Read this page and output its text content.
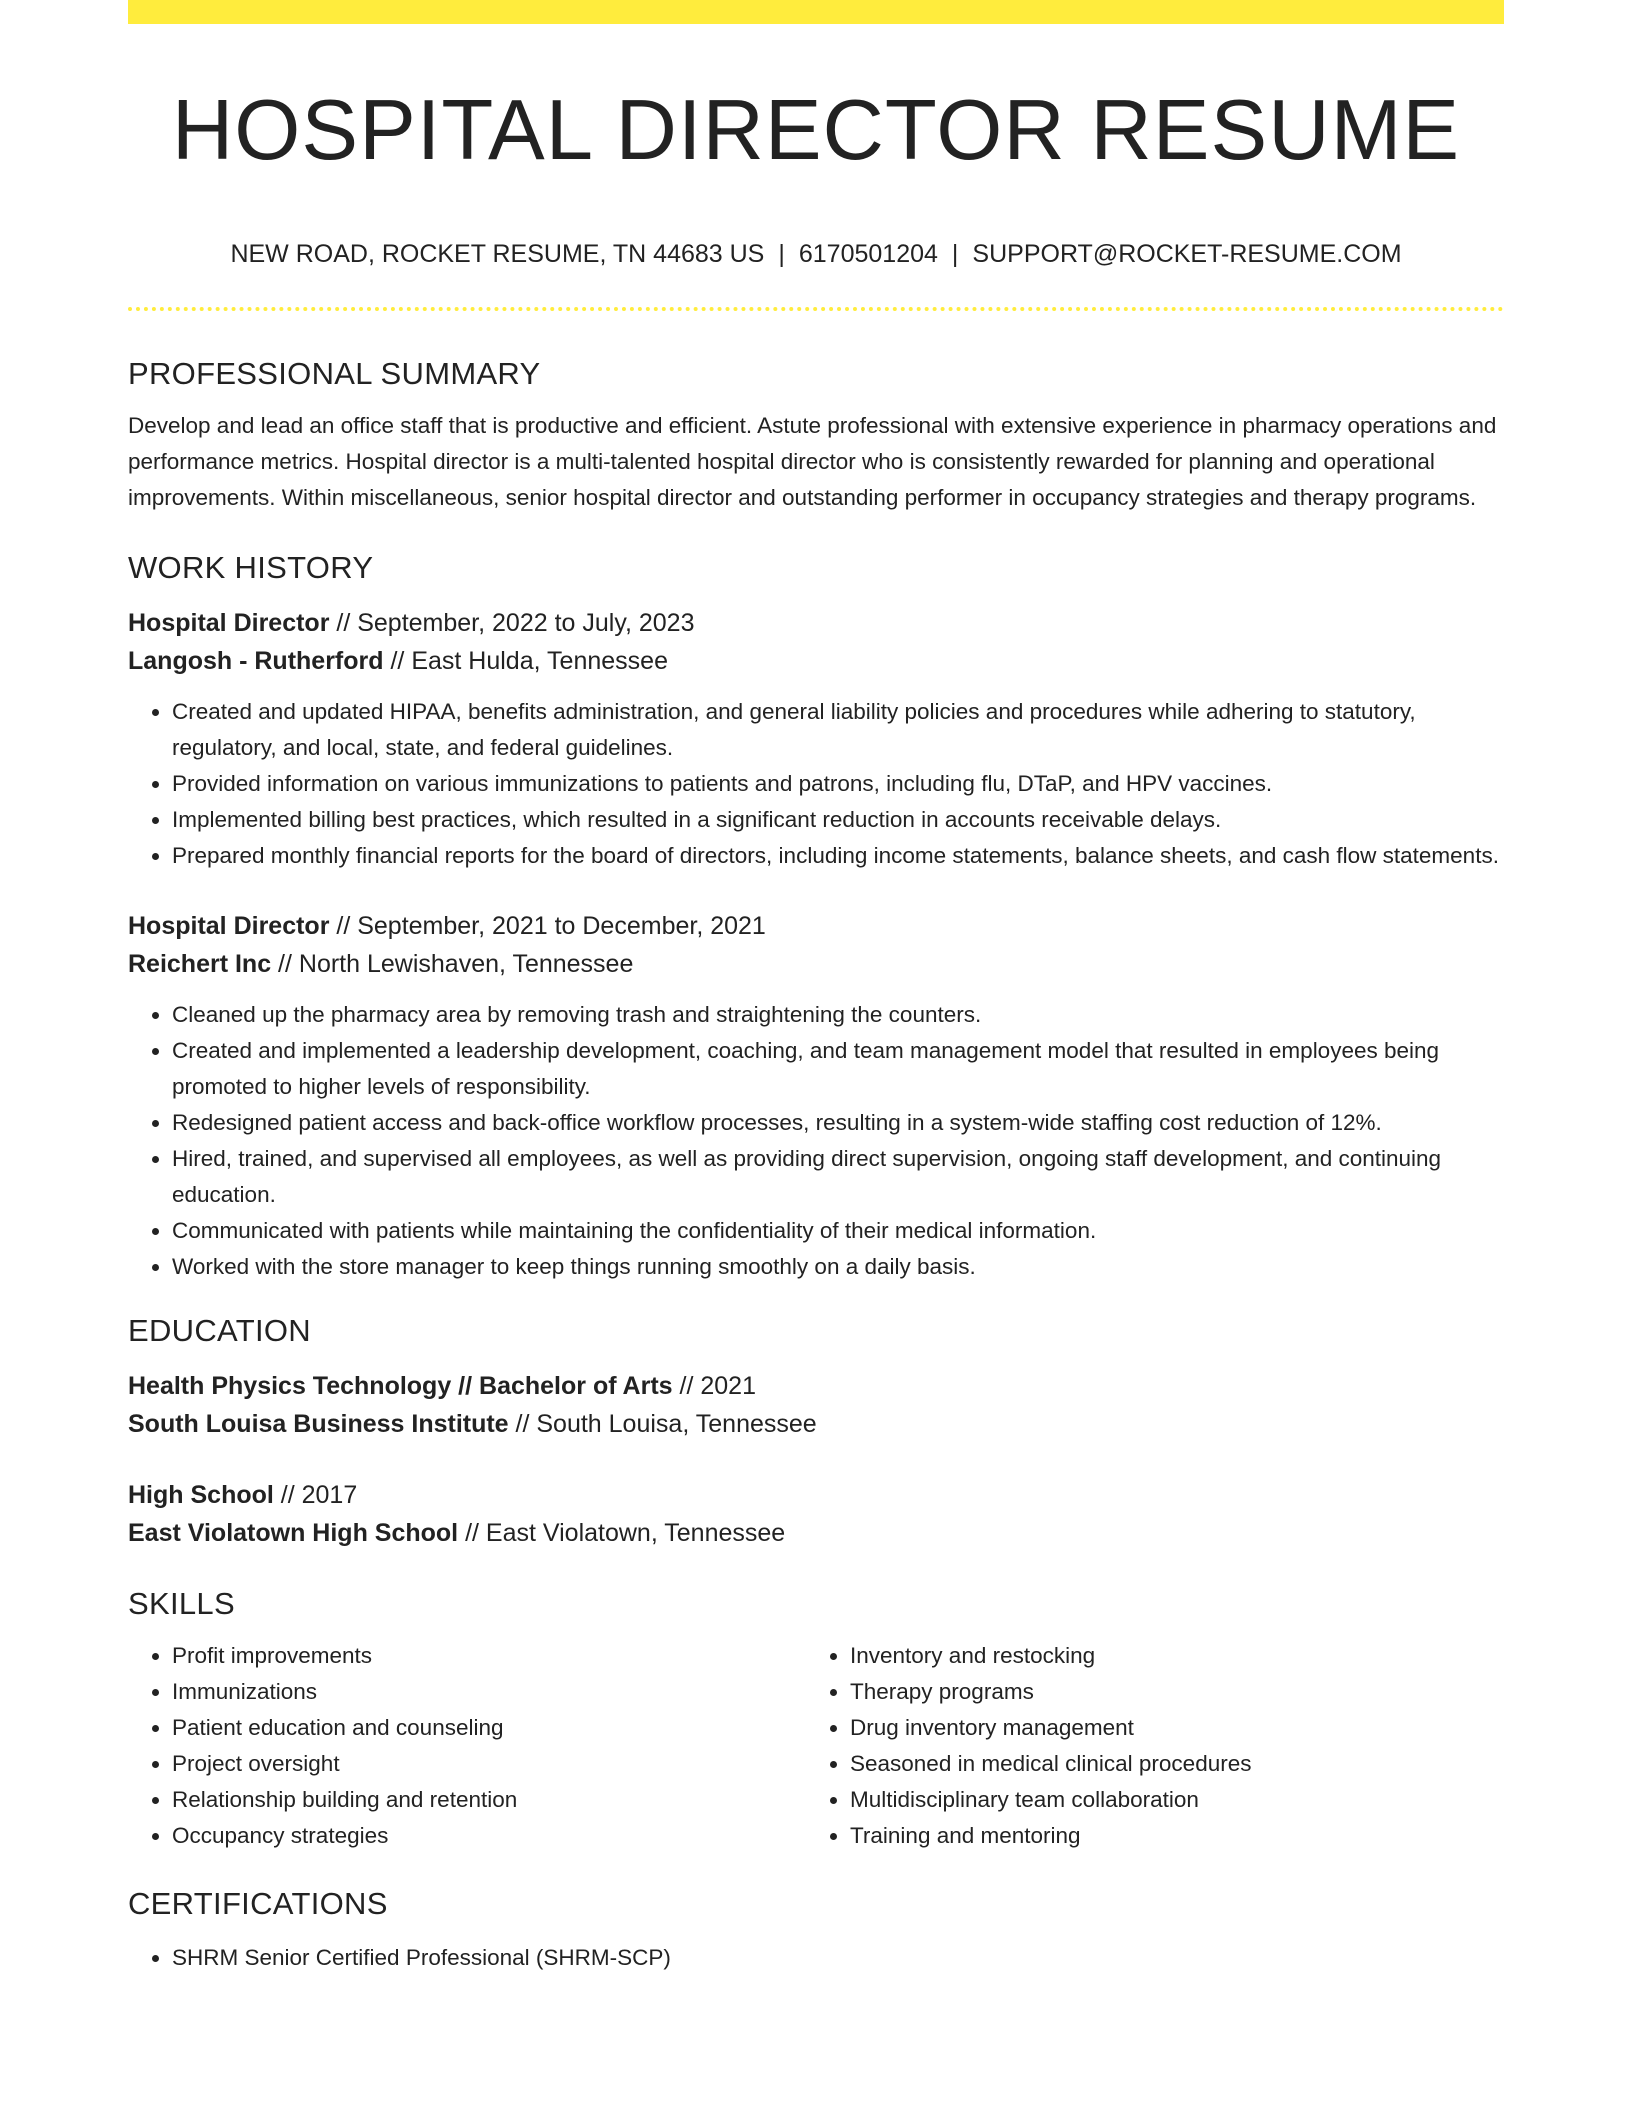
HOSPITAL DIRECTOR RESUME
NEW ROAD, ROCKET RESUME, TN 44683 US | 6170501204 | SUPPORT@ROCKET-RESUME.COM
PROFESSIONAL SUMMARY

Develop and lead an office staff that is productive and efficient. Astute professional with extensive experience in pharmacy operations and performance metrics. Hospital director is a multi-talented hospital director who is consistently rewarded for planning and operational improvements. Within miscellaneous, senior hospital director and outstanding performer in occupancy strategies and therapy programs.

WORK HISTORY

Hospital Director // September, 2022 to July, 2023

Langosh - Rutherford // East Hulda, Tennessee

• Created and updated HIPAA, benefits administration, and general liability policies and procedures while adhering to statutory, regulatory, and local, state, and federal guidelines.
• Provided information on various immunizations to patients and patrons, including flu, DTaP, and HPV vaccines.
• Implemented billing best practices, which resulted in a significant reduction in accounts receivable delays.
• Prepared monthly financial reports for the board of directors, including income statements, balance sheets, and cash flow statements.

Hospital Director // September, 2021 to December, 2021

Reichert Inc // North Lewishaven, Tennessee

• Cleaned up the pharmacy area by removing trash and straightening the counters.
• Created and implemented a leadership development, coaching, and team management model that resulted in employees being promoted to higher levels of responsibility.
• Redesigned patient access and back-office workflow processes, resulting in a system-wide staffing cost reduction of 12%.
• Hired, trained, and supervised all employees, as well as providing direct supervision, ongoing staff development, and continuing education.
• Communicated with patients while maintaining the confidentiality of their medical information.
• Worked with the store manager to keep things running smoothly on a daily basis.
EDUCATION

Health Physics Technology // Bachelor of Arts // 2021

South Louisa Business Institute // South Louisa, Tennessee

High School // 2017

East Violatown High School // East Violatown, Tennessee

SKILLS
• Profit improvements
• Immunizations
• Patient education and counseling
• Project oversight
• Relationship building and retention
• Occupancy strategies
• Inventory and restocking
• Therapy programs
• Drug inventory management
• Seasoned in medical clinical procedures
• Multidisciplinary team collaboration
• Training and mentoring
CERTIFICATIONS
• SHRM Senior Certified Professional (SHRM-SCP)
